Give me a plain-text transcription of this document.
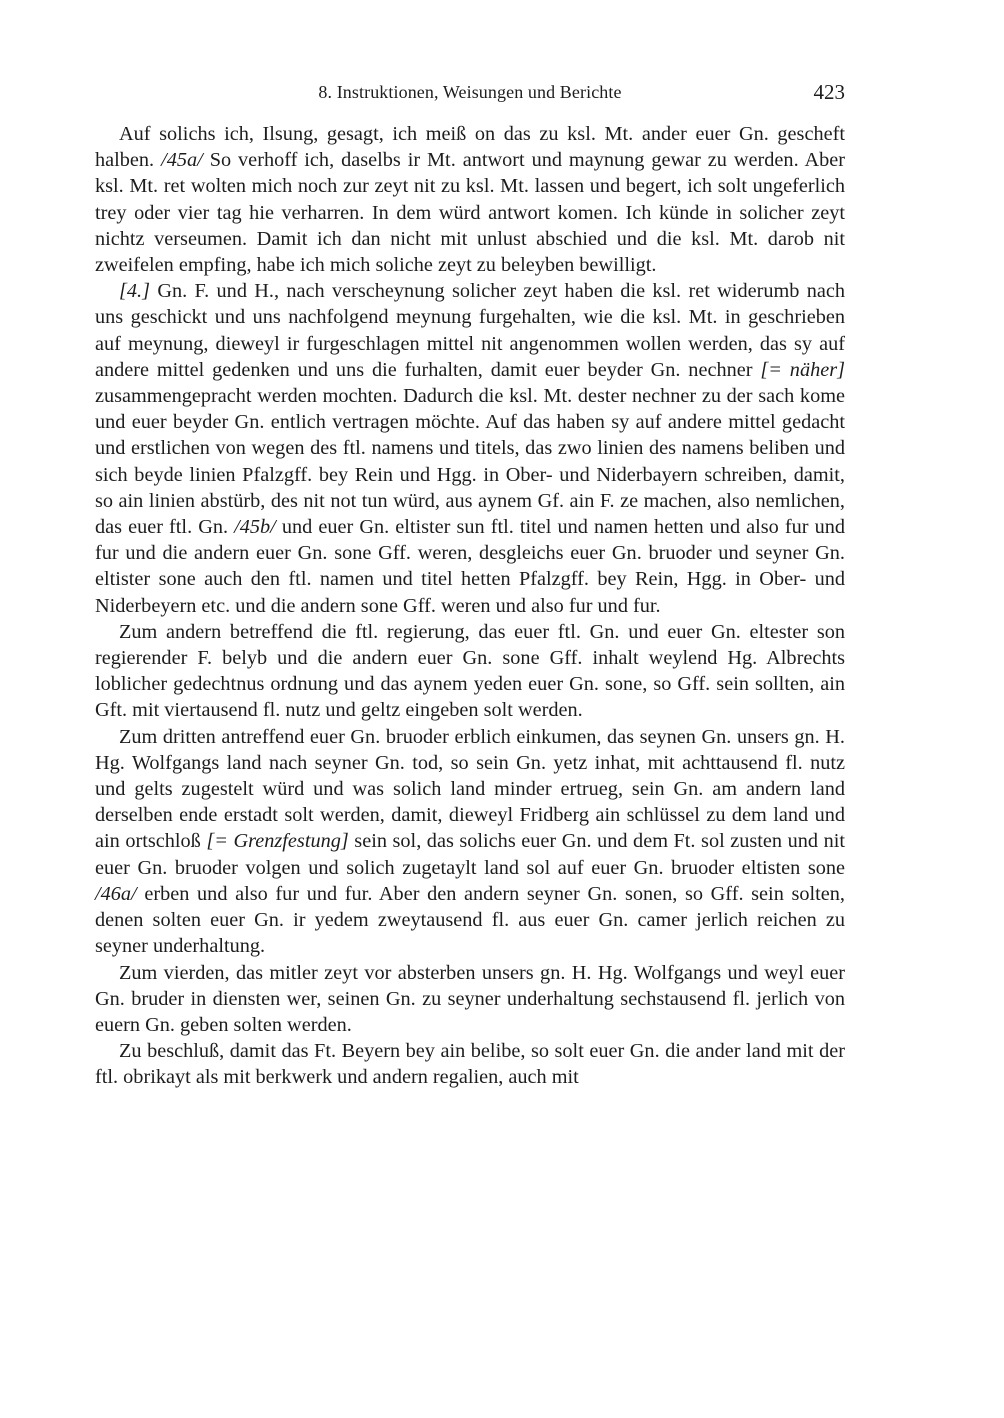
8. Instruktionen, Weisungen und Berichte	423

Auf solichs ich, Ilsung, gesagt, ich meiß on das zu ksl. Mt. ander euer Gn. gescheft halben. /45a/ So verhoff ich, daselbs ir Mt. antwort und maynung gewar zu werden. Aber ksl. Mt. ret wolten mich noch zur zeyt nit zu ksl. Mt. lassen und begert, ich solt ungeferlich trey oder vier tag hie verharren. In dem würd antwort komen. Ich künde in solicher zeyt nichtz verseumen. Damit ich dan nicht mit unlust abschied und die ksl. Mt. darob nit zweifelen empfing, habe ich mich soliche zeyt zu beleyben bewilligt.

[4.] Gn. F. und H., nach verscheynung solicher zeyt haben die ksl. ret widerumb nach uns geschickt und uns nachfolgend meynung furgehalten, wie die ksl. Mt. in geschrieben auf meynung, dieweyl ir furgeschlagen mittel nit angenommen wollen werden, das sy auf andere mittel gedenken und uns die furhalten, damit euer beyder Gn. nechner [= näher] zusammengepracht werden mochten. Dadurch die ksl. Mt. dester nechner zu der sach kome und euer beyder Gn. entlich vertragen möchte. Auf das haben sy auf andere mittel gedacht und erstlichen von wegen des ftl. namens und titels, das zwo linien des namens beliben und sich beyde linien Pfalzgff. bey Rein und Hgg. in Ober- und Niderbayern schreiben, damit, so ain linien abstürb, des nit not tun würd, aus aynem Gf. ain F. ze machen, also nemlichen, das euer ftl. Gn. /45b/ und euer Gn. eltister sun ftl. titel und namen hetten und also fur und fur und die andern euer Gn. sone Gff. weren, desgleichs euer Gn. bruoder und seyner Gn. eltister sone auch den ftl. namen und titel hetten Pfalzgff. bey Rein, Hgg. in Ober- und Niderbeyern etc. und die andern sone Gff. weren und also fur und fur.

Zum andern betreffend die ftl. regierung, das euer ftl. Gn. und euer Gn. eltester son regierender F. belyb und die andern euer Gn. sone Gff. inhalt weylend Hg. Albrechts loblicher gedechtnus ordnung und das aynem yeden euer Gn. sone, so Gff. sein sollten, ain Gft. mit viertausend fl. nutz und geltz eingeben solt werden.

Zum dritten antreffend euer Gn. bruoder erblich einkumen, das seynen Gn. unsers gn. H. Hg. Wolfgangs land nach seyner Gn. tod, so sein Gn. yetz inhat, mit achttausend fl. nutz und gelts zugestelt würd und was solich land minder ertrueg, sein Gn. am andern land derselben ende erstadt solt werden, damit, dieweyl Fridberg ain schlüssel zu dem land und ain ortschloß [= Grenzfestung] sein sol, das solichs euer Gn. und dem Ft. sol zusten und nit euer Gn. bruoder volgen und solich zugetaylt land sol auf euer Gn. bruoder eltisten sone /46a/ erben und also fur und fur. Aber den andern seyner Gn. sonen, so Gff. sein solten, denen solten euer Gn. ir yedem zweytausend fl. aus euer Gn. camer jerlich reichen zu seyner underhaltung.

Zum vierden, das mitler zeyt vor absterben unsers gn. H. Hg. Wolfgangs und weyl euer Gn. bruder in diensten wer, seinen Gn. zu seyner underhaltung sechstausend fl. jerlich von euern Gn. geben solten werden.

Zu beschluß, damit das Ft. Beyern bey ain belibe, so solt euer Gn. die ander land mit der ftl. obrikayt als mit berkwerk und andern regalien, auch mit
